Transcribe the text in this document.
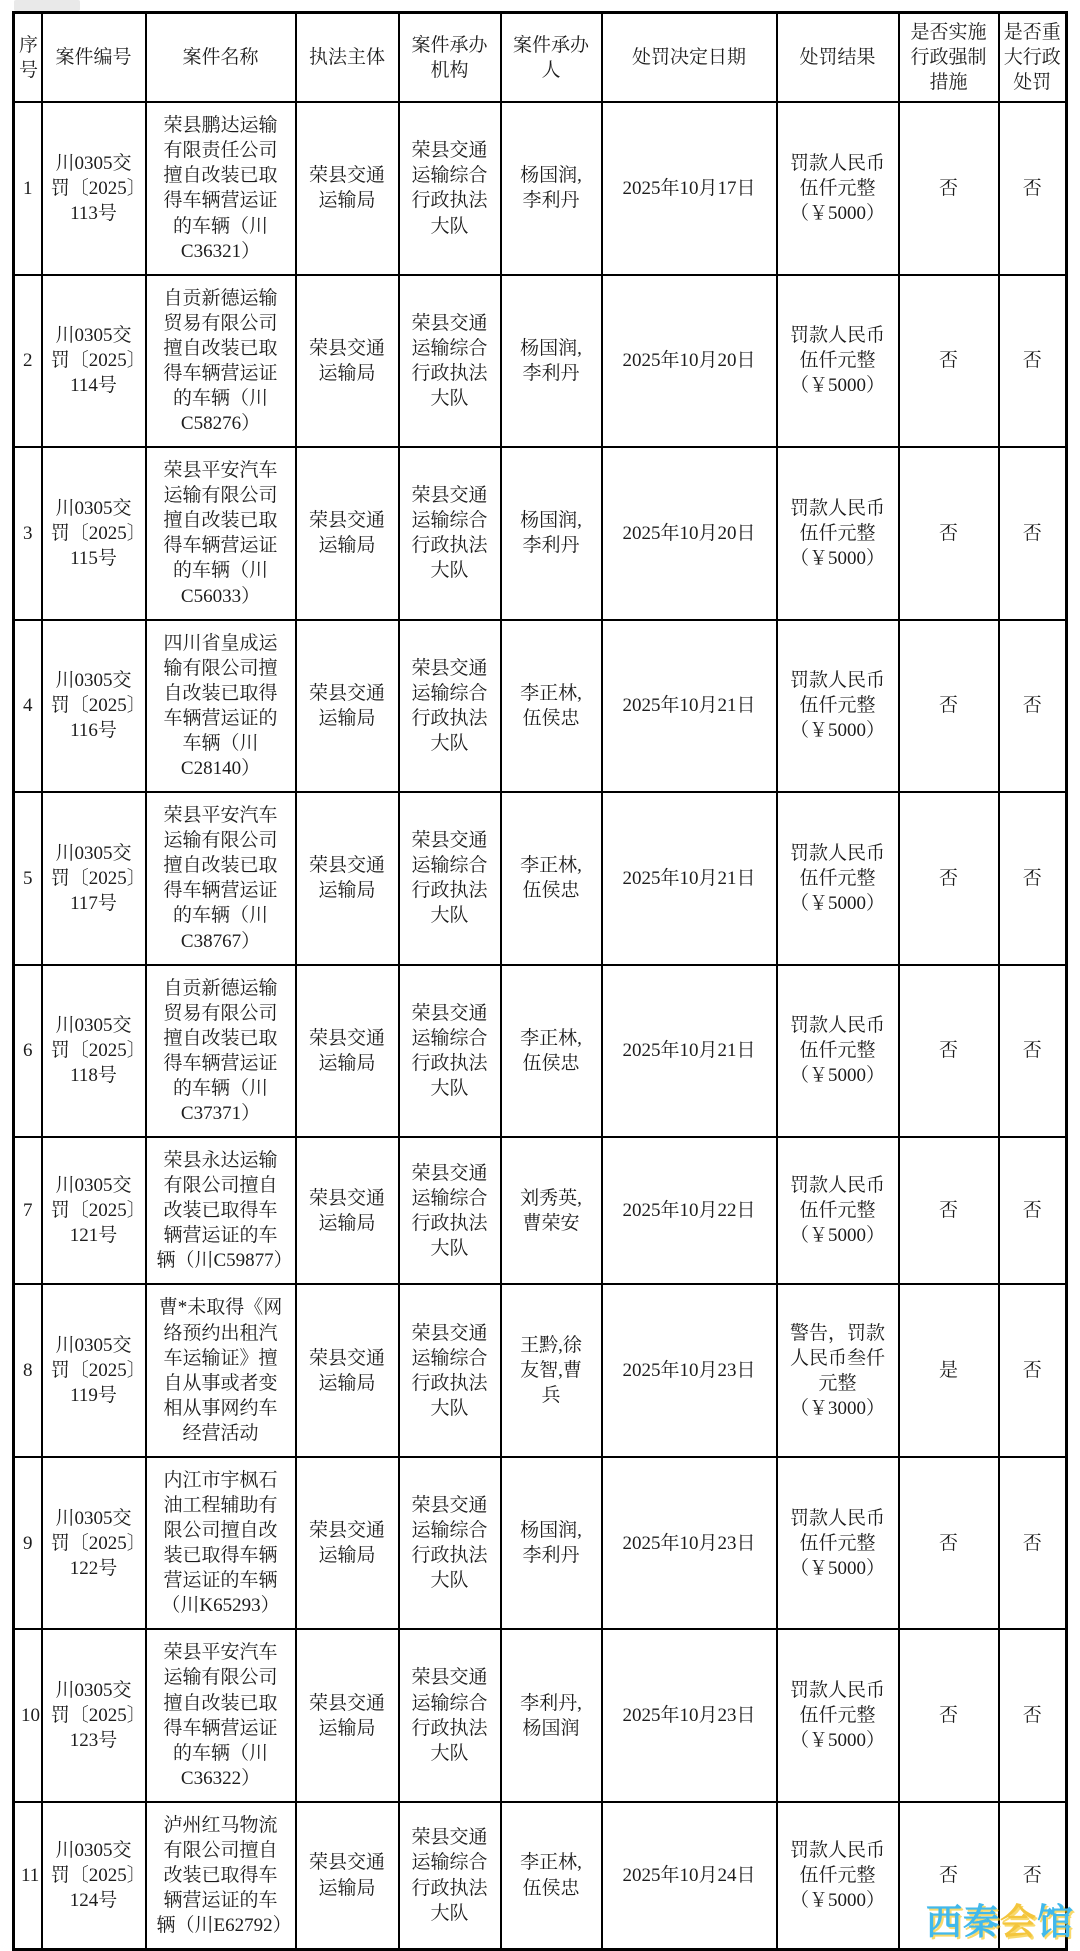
序号	案件编号	案件名称	执法主体	案件承办机构	案件承办人	处罚决定日期	处罚结果	是否实施行政强制措施	是否重大行政处罚
1	川0305交罚〔2025〕113号	荣县鹏达运输有限责任公司擅自改装已取得车辆营运证的车辆（川C36321）	荣县交通运输局	荣县交通运输综合行政执法大队	杨国润,李利丹	2025年10月17日	罚款人民币伍仟元整（￥5000）	否	否
2	川0305交罚〔2025〕114号	自贡新德运输贸易有限公司擅自改装已取得车辆营运证的车辆（川C58276）	荣县交通运输局	荣县交通运输综合行政执法大队	杨国润,李利丹	2025年10月20日	罚款人民币伍仟元整（￥5000）	否	否
3	川0305交罚〔2025〕115号	荣县平安汽车运输有限公司擅自改装已取得车辆营运证的车辆（川C56033）	荣县交通运输局	荣县交通运输综合行政执法大队	杨国润,李利丹	2025年10月20日	罚款人民币伍仟元整（￥5000）	否	否
4	川0305交罚〔2025〕116号	四川省皇成运输有限公司擅自改装已取得车辆营运证的车辆（川C28140）	荣县交通运输局	荣县交通运输综合行政执法大队	李正林,伍侯忠	2025年10月21日	罚款人民币伍仟元整（￥5000）	否	否
5	川0305交罚〔2025〕117号	荣县平安汽车运输有限公司擅自改装已取得车辆营运证的车辆（川C38767）	荣县交通运输局	荣县交通运输综合行政执法大队	李正林,伍侯忠	2025年10月21日	罚款人民币伍仟元整（￥5000）	否	否
6	川0305交罚〔2025〕118号	自贡新德运输贸易有限公司擅自改装已取得车辆营运证的车辆（川C37371）	荣县交通运输局	荣县交通运输综合行政执法大队	李正林,伍侯忠	2025年10月21日	罚款人民币伍仟元整（￥5000）	否	否
7	川0305交罚〔2025〕121号	荣县永达运输有限公司擅自改装已取得车辆营运证的车辆（川C59877）	荣县交通运输局	荣县交通运输综合行政执法大队	刘秀英,曹荣安	2025年10月22日	罚款人民币伍仟元整（￥5000）	否	否
8	川0305交罚〔2025〕119号	曹*未取得《网络预约出租汽车运输证》擅自从事或者变相从事网约车经营活动	荣县交通运输局	荣县交通运输综合行政执法大队	王黔,徐友智,曹兵	2025年10月23日	警告，罚款人民币叁仟元整（￥3000）	是	否
9	川0305交罚〔2025〕122号	内江市宇枫石油工程辅助有限公司擅自改装已取得车辆营运证的车辆（川K65293）	荣县交通运输局	荣县交通运输综合行政执法大队	杨国润,李利丹	2025年10月23日	罚款人民币伍仟元整（￥5000）	否	否
10	川0305交罚〔2025〕123号	荣县平安汽车运输有限公司擅自改装已取得车辆营运证的车辆（川C36322）	荣县交通运输局	荣县交通运输综合行政执法大队	李利丹,杨国润	2025年10月23日	罚款人民币伍仟元整（￥5000）	否	否
11	川0305交罚〔2025〕124号	泸州红马物流有限公司擅自改装已取得车辆营运证的车辆（川E62792）	荣县交通运输局	荣县交通运输综合行政执法大队	李正林,伍侯忠	2025年10月24日	罚款人民币伍仟元整（￥5000）	否	否
西秦会馆
